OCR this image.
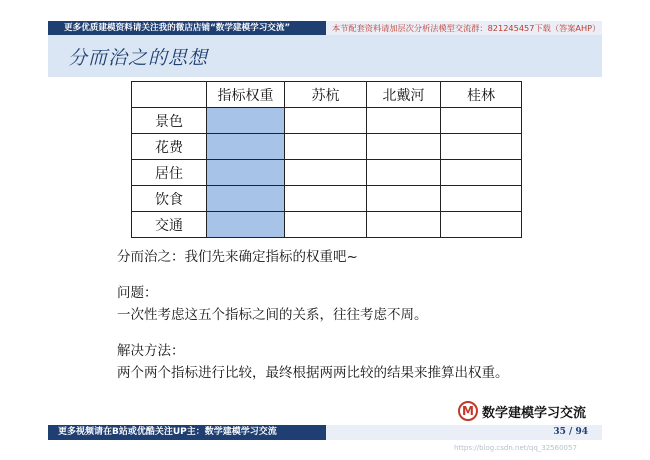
更多优质建模资料请关注我的微店店铺“数学建模学习交流”	本节配套资料请加层次分析法模型交流群：821245457下载（答案AHP）
分而治之的思想
	指标权重	苏杭	北戴河	桂林
景色				
花费				
居住				
饮食				
交通				

分而治之：我们先来确定指标的权重吧~

问题：

一次性考虑这五个指标之间的关系，往往考虑不周。

解决方法：

两个两个指标进行比较，最终根据两两比较的结果来推算出权重。

M 数学建模学习交流
更多视频请在B站或优酷关注UP主：数学建模学习交流	35 / 94
https://blog.csdn.net/qq_32560057
